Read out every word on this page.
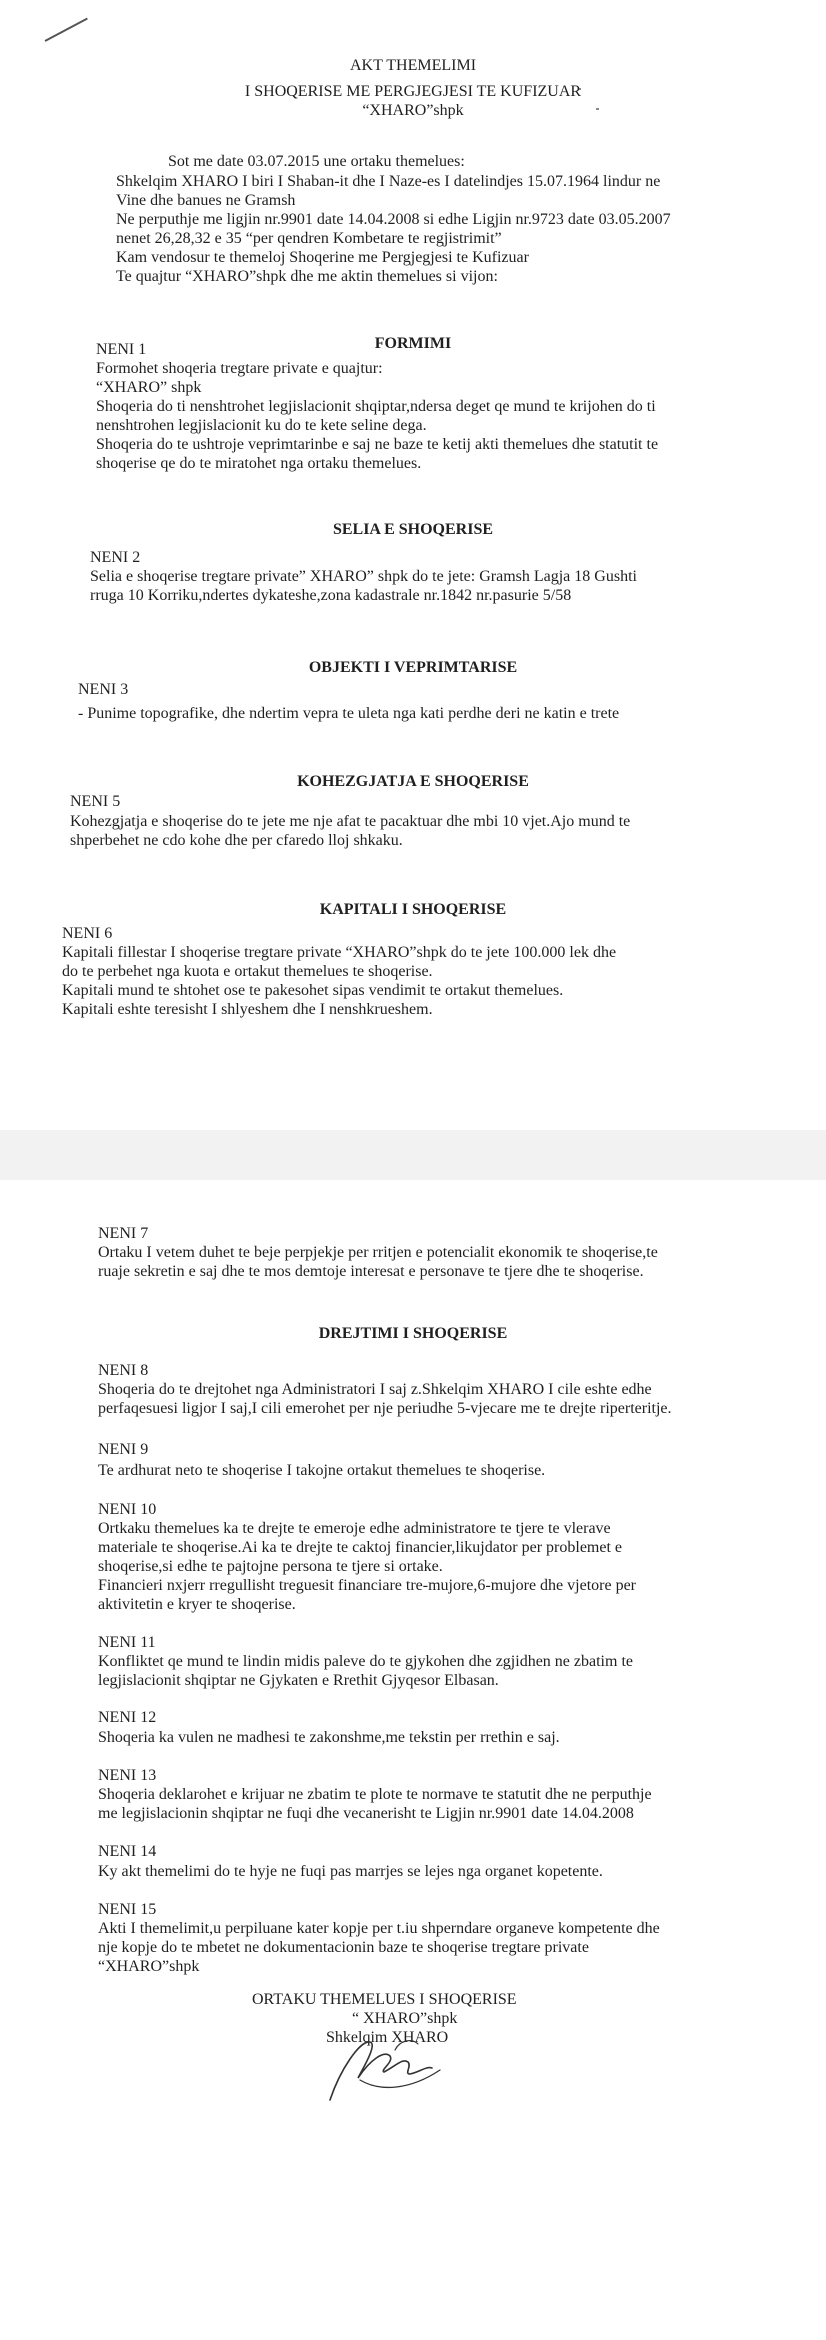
AKT THEMELIMI
I SHOQERISE ME PERGJEGJESI TE KUFIZUAR
“XHARO”shpk
Sot me date 03.07.2015 une ortaku themelues:
Shkelqim XHARO I biri I Shaban-it dhe I Naze-es I datelindjes 15.07.1964 lindur ne
Vine dhe banues ne Gramsh
Ne perputhje me ligjin nr.9901 date 14.04.2008 si edhe Ligjin nr.9723 date 03.05.2007
nenet 26,28,32 e 35 “per qendren Kombetare te regjistrimit”
Kam vendosur te themeloj Shoqerine me Pergjegjesi te Kufizuar
Te quajtur “XHARO”shpk dhe me aktin themelues si vijon:
FORMIMI
NENI 1
Formohet shoqeria tregtare private e quajtur:
“XHARO” shpk
Shoqeria do ti nenshtrohet legjislacionit shqiptar,ndersa deget qe mund te krijohen do ti
nenshtrohen legjislacionit ku do te kete seline dega.
Shoqeria do te ushtroje veprimtarinbe e saj ne baze te ketij akti themelues dhe statutit te
shoqerise qe do te miratohet nga ortaku themelues.
SELIA E SHOQERISE
NENI 2
Selia e shoqerise tregtare private” XHARO” shpk do te jete: Gramsh Lagja 18 Gushti
rruga 10 Korriku,ndertes dykateshe,zona kadastrale nr.1842 nr.pasurie 5/58
OBJEKTI I VEPRIMTARISE
NENI 3
- Punime topografike, dhe ndertim vepra te uleta nga kati perdhe deri ne katin e trete
KOHEZGJATJA E SHOQERISE
NENI 5
Kohezgjatja e shoqerise do te jete me nje afat te pacaktuar dhe mbi 10 vjet.Ajo mund te
shperbehet ne cdo kohe dhe per cfaredo lloj shkaku.
KAPITALI I SHOQERISE
NENI 6
Kapitali fillestar I shoqerise tregtare private “XHARO”shpk do te jete 100.000 lek dhe
do te perbehet nga kuota e ortakut themelues te shoqerise.
Kapitali mund te shtohet ose te pakesohet sipas vendimit te ortakut themelues.
Kapitali eshte teresisht I shlyeshem dhe I nenshkrueshem.
NENI 7
Ortaku I vetem duhet te beje perpjekje per rritjen e potencialit ekonomik te shoqerise,te
ruaje sekretin e saj dhe te mos demtoje interesat e personave te tjere dhe te shoqerise.
DREJTIMI I SHOQERISE
NENI 8
Shoqeria do te drejtohet nga Administratori I saj z.Shkelqim XHARO I cile eshte edhe
perfaqesuesi ligjor I saj,I cili emerohet per nje periudhe 5-vjecare me te drejte riperteritje.
NENI 9
Te ardhurat neto te shoqerise I takojne ortakut themelues te shoqerise.
NENI 10
Ortkaku themelues ka te drejte te emeroje edhe administratore te tjere te vlerave
materiale te shoqerise.Ai ka te drejte te caktoj financier,likujdator per problemet e
shoqerise,si edhe te pajtojne persona te tjere si ortake.
Financieri nxjerr rregullisht treguesit financiare tre-mujore,6-mujore dhe vjetore per
aktivitetin e kryer te shoqerise.
NENI 11
Konfliktet qe mund te lindin midis paleve do te gjykohen dhe zgjidhen ne zbatim te
legjislacionit shqiptar ne Gjykaten e Rrethit Gjyqesor Elbasan.
NENI 12
Shoqeria ka vulen ne madhesi te zakonshme,me tekstin per rrethin e saj.
NENI 13
Shoqeria deklarohet e krijuar ne zbatim te plote te normave te statutit dhe ne perputhje
me legjislacionin shqiptar ne fuqi dhe vecanerisht te Ligjin nr.9901 date 14.04.2008
NENI 14
Ky akt themelimi do te hyje ne fuqi pas marrjes se lejes nga organet kopetente.
NENI 15
Akti I themelimit,u perpiluane kater kopje per t.iu shperndare organeve kompetente dhe
nje kopje do te mbetet ne dokumentacionin baze te shoqerise tregtare private
“XHARO”shpk
ORTAKU THEMELUES I SHOQERISE
“ XHARO”shpk
Shkelqim XHARO
